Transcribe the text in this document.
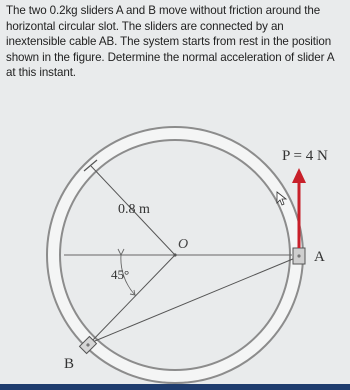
The two 0.2kg sliders A and B move without friction around the horizontal circular slot. The sliders are connected by an inextensible cable AB. The system starts from rest in the position shown in the figure. Determine the normal acceleration of slider A at this instant.
0.8 m
O
45°
B
A
P = 4 N
